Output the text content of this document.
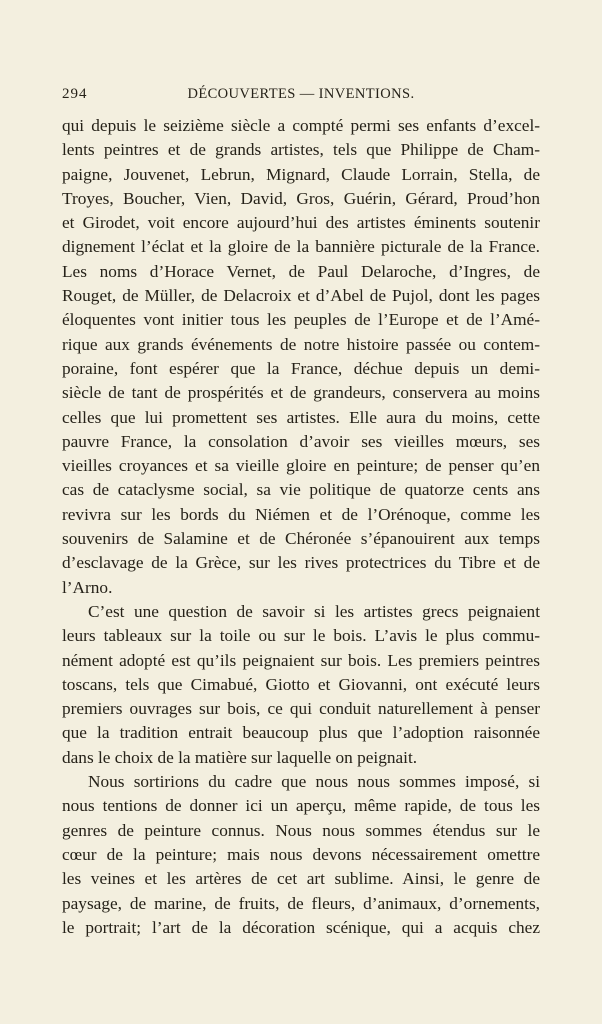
294	DÉCOUVERTES — INVENTIONS.
qui depuis le seizième siècle a compté permi ses enfants d’excel-
lents peintres et de grands artistes, tels que Philippe de Cham-
paigne, Jouvenet, Lebrun, Mignard, Claude Lorrain, Stella, de
Troyes, Boucher, Vien, David, Gros, Guérin, Gérard, Proud’hon
et Girodet, voit encore aujourd’hui des artistes éminents soutenir
dignement l’éclat et la gloire de la bannière picturale de la France.
Les noms d’Horace Vernet, de Paul Delaroche, d’Ingres, de
Rouget, de Müller, de Delacroix et d’Abel de Pujol, dont les pages
éloquentes vont initier tous les peuples de l’Europe et de l’Amé-
rique aux grands événements de notre histoire passée ou contem-
poraine, font espérer que la France, déchue depuis un demi-
siècle de tant de prospérités et de grandeurs, conservera au moins
celles que lui promettent ses artistes. Elle aura du moins, cette
pauvre France, la consolation d’avoir ses vieilles mœurs, ses
vieilles croyances et sa vieille gloire en peinture; de penser qu’en
cas de cataclysme social, sa vie politique de quatorze cents ans
revivra sur les bords du Niémen et de l’Orénoque, comme les
souvenirs de Salamine et de Chéronée s’épanouirent aux temps
d’esclavage de la Grèce, sur les rives protectrices du Tibre et de
l’Arno.
C’est une question de savoir si les artistes grecs peignaient
leurs tableaux sur la toile ou sur le bois. L’avis le plus commu-
nément adopté est qu’ils peignaient sur bois. Les premiers peintres
toscans, tels que Cimabué, Giotto et Giovanni, ont exécuté leurs
premiers ouvrages sur bois, ce qui conduit naturellement à penser
que la tradition entrait beaucoup plus que l’adoption raisonnée
dans le choix de la matière sur laquelle on peignait.
Nous sortirions du cadre que nous nous sommes imposé, si
nous tentions de donner ici un aperçu, même rapide, de tous les
genres de peinture connus. Nous nous sommes étendus sur le
cœur de la peinture; mais nous devons nécessairement omettre
les veines et les artères de cet art sublime. Ainsi, le genre de
paysage, de marine, de fruits, de fleurs, d’animaux, d’ornements,
le portrait; l’art de la décoration scénique, qui a acquis chez
